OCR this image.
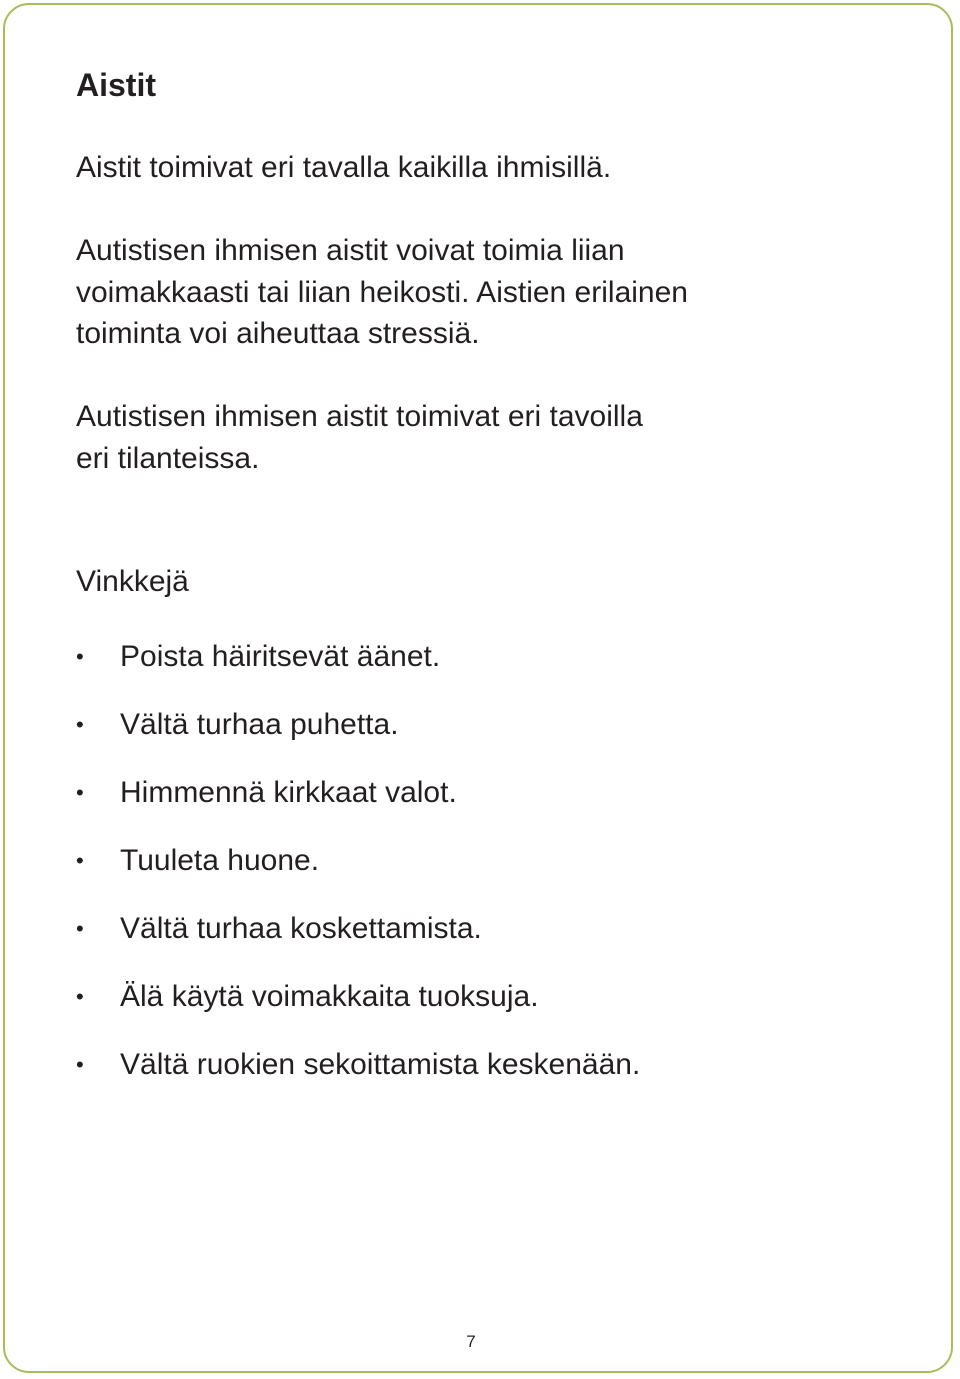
Aistit

Aistit toimivat eri tavalla kaikilla ihmisillä.

Autistisen ihmisen aistit voivat toimia liian
voimakkaasti tai liian heikosti. Aistien erilainen
toiminta voi aiheuttaa stressiä.

Autistisen ihmisen aistit toimivat eri tavoilla
eri tilanteissa.

Vinkkejä
•	Poista häiritsevät äänet.
•	Vältä turhaa puhetta.
•	Himmennä kirkkaat valot.
•	Tuuleta huone.
•	Vältä turhaa koskettamista.
•	Älä käytä voimakkaita tuoksuja.
•	Vältä ruokien sekoittamista keskenään.
7
